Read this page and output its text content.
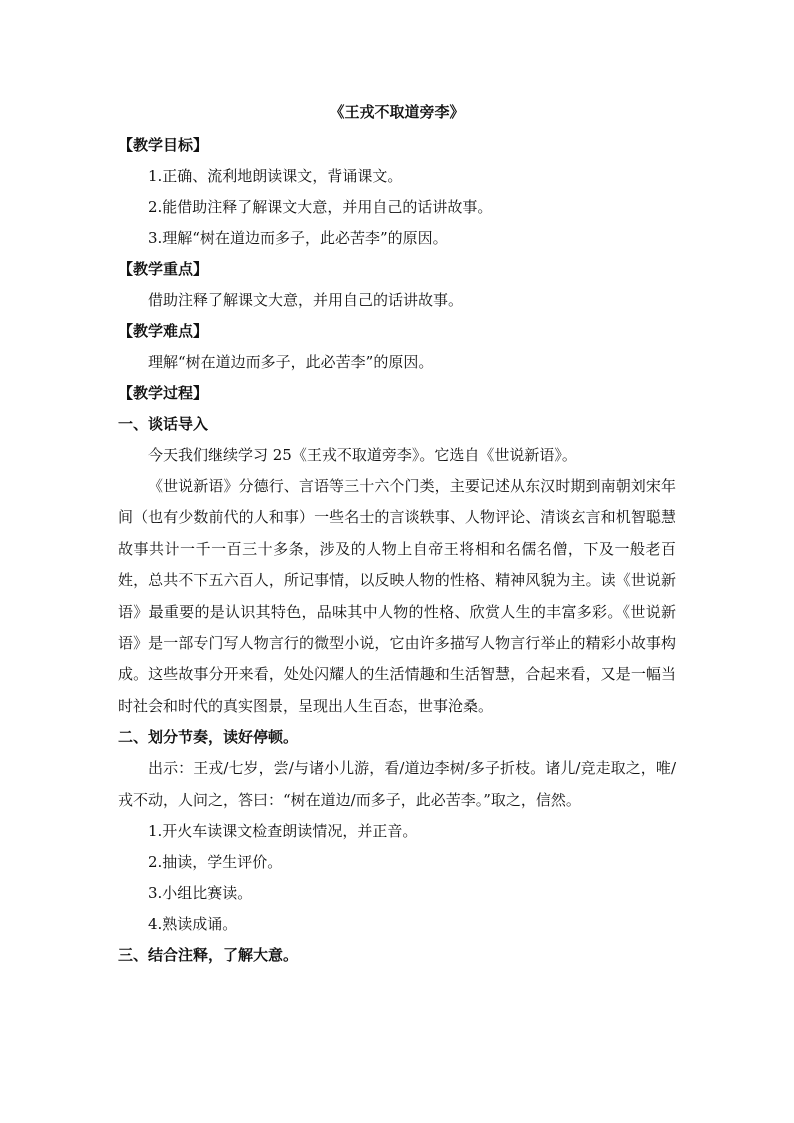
《王戎不取道旁李》
【教学目标】
1.正确、流利地朗读课文，背诵课文。
2.能借助注释了解课文大意，并用自己的话讲故事。
3.理解“树在道边而多子，此必苦李”的原因。
【教学重点】
借助注释了解课文大意，并用自己的话讲故事。
【教学难点】
理解“树在道边而多子，此必苦李”的原因。
【教学过程】
一、谈话导入
今天我们继续学习 25《王戎不取道旁李》。它选自《世说新语》。

《世说新语》分德行、言语等三十六个门类，主要记述从东汉时期到南朝刘宋年间（也有少数前代的人和事）一些名士的言谈轶事、人物评论、清谈玄言和机智聪慧故事共计一千一百三十多条，涉及的人物上自帝王将相和名儒名僧，下及一般老百姓，总共不下五六百人，所记事情，以反映人物的性格、精神风貌为主。读《世说新语》最重要的是认识其特色，品味其中人物的性格、欣赏人生的丰富多彩。《世说新语》是一部专门写人物言行的微型小说，它由许多描写人物言行举止的精彩小故事构成。这些故事分开来看，处处闪耀人的生活情趣和生活智慧，合起来看，又是一幅当时社会和时代的真实图景，呈现出人生百态，世事沧桑。

二、划分节奏，读好停顿。

出示：王戎/七岁，尝/与诸小儿游，看/道边李树/多子折枝。诸儿/竞走取之，唯/戎不动，人问之，答曰：“树在道边/而多子，此必苦李。”取之，信然。

1.开火车读课文检查朗读情况，并正音。
2.抽读，学生评价。
3.小组比赛读。
4.熟读成诵。
三、结合注释，了解大意。
